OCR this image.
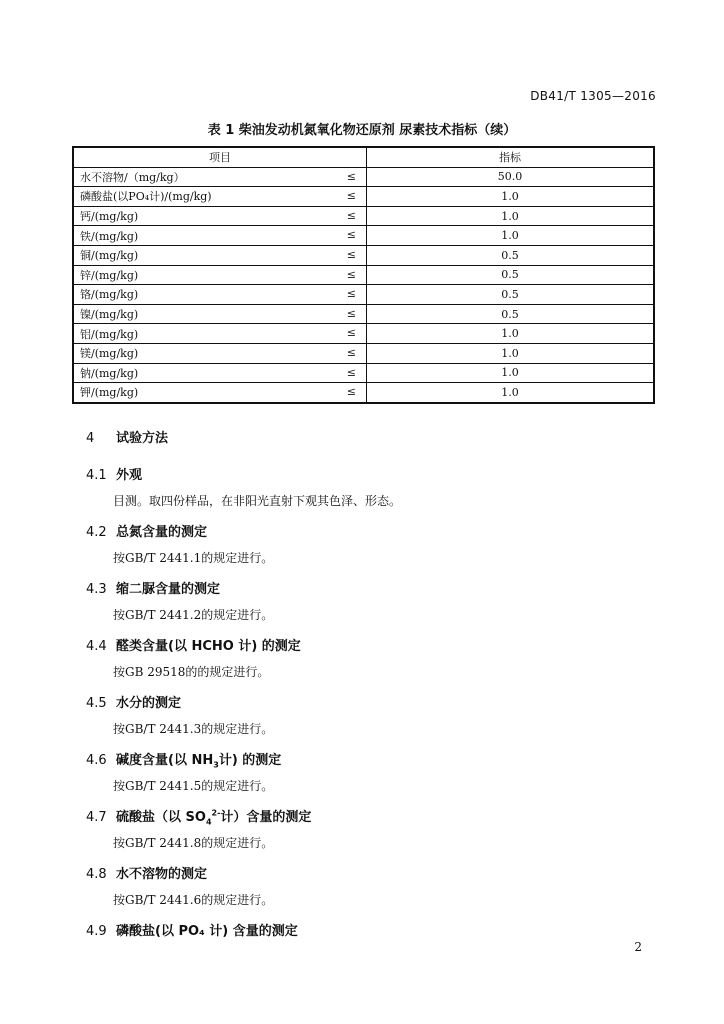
DB41/T 1305—2016
表 1 柴油发动机氮氧化物还原剂 尿素技术指标（续）
项目	指标
水不溶物/（mg/kg） ≤	50.0
磷酸盐(以PO₄计)/(mg/kg) ≤	1.0
钙/(mg/kg) ≤	1.0
铁/(mg/kg) ≤	1.0
铜/(mg/kg) ≤	0.5
锌/(mg/kg) ≤	0.5
铬/(mg/kg) ≤	0.5
镍/(mg/kg) ≤	0.5
铝/(mg/kg) ≤	1.0
镁/(mg/kg) ≤	1.0
钠/(mg/kg) ≤	1.0
钾/(mg/kg) ≤	1.0
4 试验方法
4.1 外观
目测。取四份样品，在非阳光直射下观其色泽、形态。
4.2 总氮含量的测定
按GB/T 2441.1的规定进行。
4.3 缩二脲含量的测定
按GB/T 2441.2的规定进行。
4.4 醛类含量(以 HCHO 计) 的测定
按GB 29518的的规定进行。
4.5 水分的测定
按GB/T 2441.3的规定进行。
4.6 碱度含量(以 $NH_3$计) 的测定
按GB/T 2441.5的规定进行。
4.7 硫酸盐（以 $SO_4^{2-}$计）含量的测定
按GB/T 2441.8的规定进行。
4.8 水不溶物的测定
按GB/T 2441.6的规定进行。
4.9 磷酸盐(以 PO₄ 计) 含量的测定
2
